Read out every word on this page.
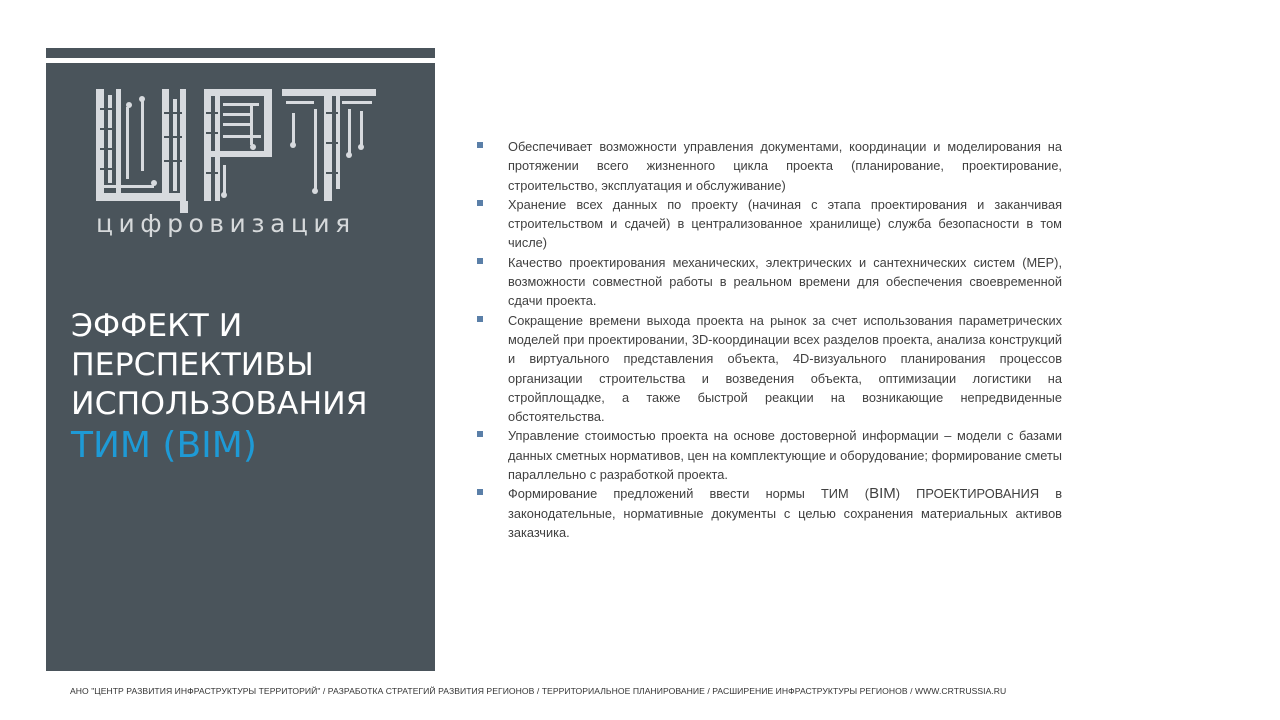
цифровизация
ЭФФЕКТ И
ПЕРСПЕКТИВЫ
ИСПОЛЬЗОВАНИЯ
ТИМ (BIM)
Обеспечивает возможности управления документами, координации и моделирования на протяжении всего жизненного цикла проекта (планирование, проектирование, строительство, эксплуатация и обслуживание)
Хранение всех данных по проекту (начиная с этапа проектирования и заканчивая строительством и сдачей) в централизованное хранилище) служба безопасности в том числе)
Качество проектирования механических, электрических и сантехнических систем (MEP), возможности совместной работы в реальном времени для обеспечения своевременной сдачи проекта.
Сокращение времени выхода проекта на рынок за счет использования параметрических моделей при проектировании, 3D-координации всех разделов проекта, анализа конструкций и виртуального представления объекта, 4D-визуального планирования процессов организации строительства и возведения объекта, оптимизации логистики на стройплощадке, а также быстрой реакции на возникающие непредвиденные обстоятельства.
Управление стоимостью проекта на основе достоверной информации – модели с базами данных сметных нормативов, цен на комплектующие и оборудование; формирование сметы параллельно с разработкой проекта.
Формирование предложений ввести нормы ТИМ (BIM) ПРОЕКТИРОВАНИЯ в законодательные, нормативные документы с целью сохранения материальных активов заказчика.
АНО "ЦЕНТР РАЗВИТИЯ ИНФРАСТРУКТУРЫ ТЕРРИТОРИЙ" / РАЗРАБОТКА СТРАТЕГИЙ РАЗВИТИЯ РЕГИОНОВ / ТЕРРИТОРИАЛЬНОЕ ПЛАНИРОВАНИЕ / РАСШИРЕНИЕ ИНФРАСТРУКТУРЫ РЕГИОНОВ / WWW.CRTRUSSIA.RU
